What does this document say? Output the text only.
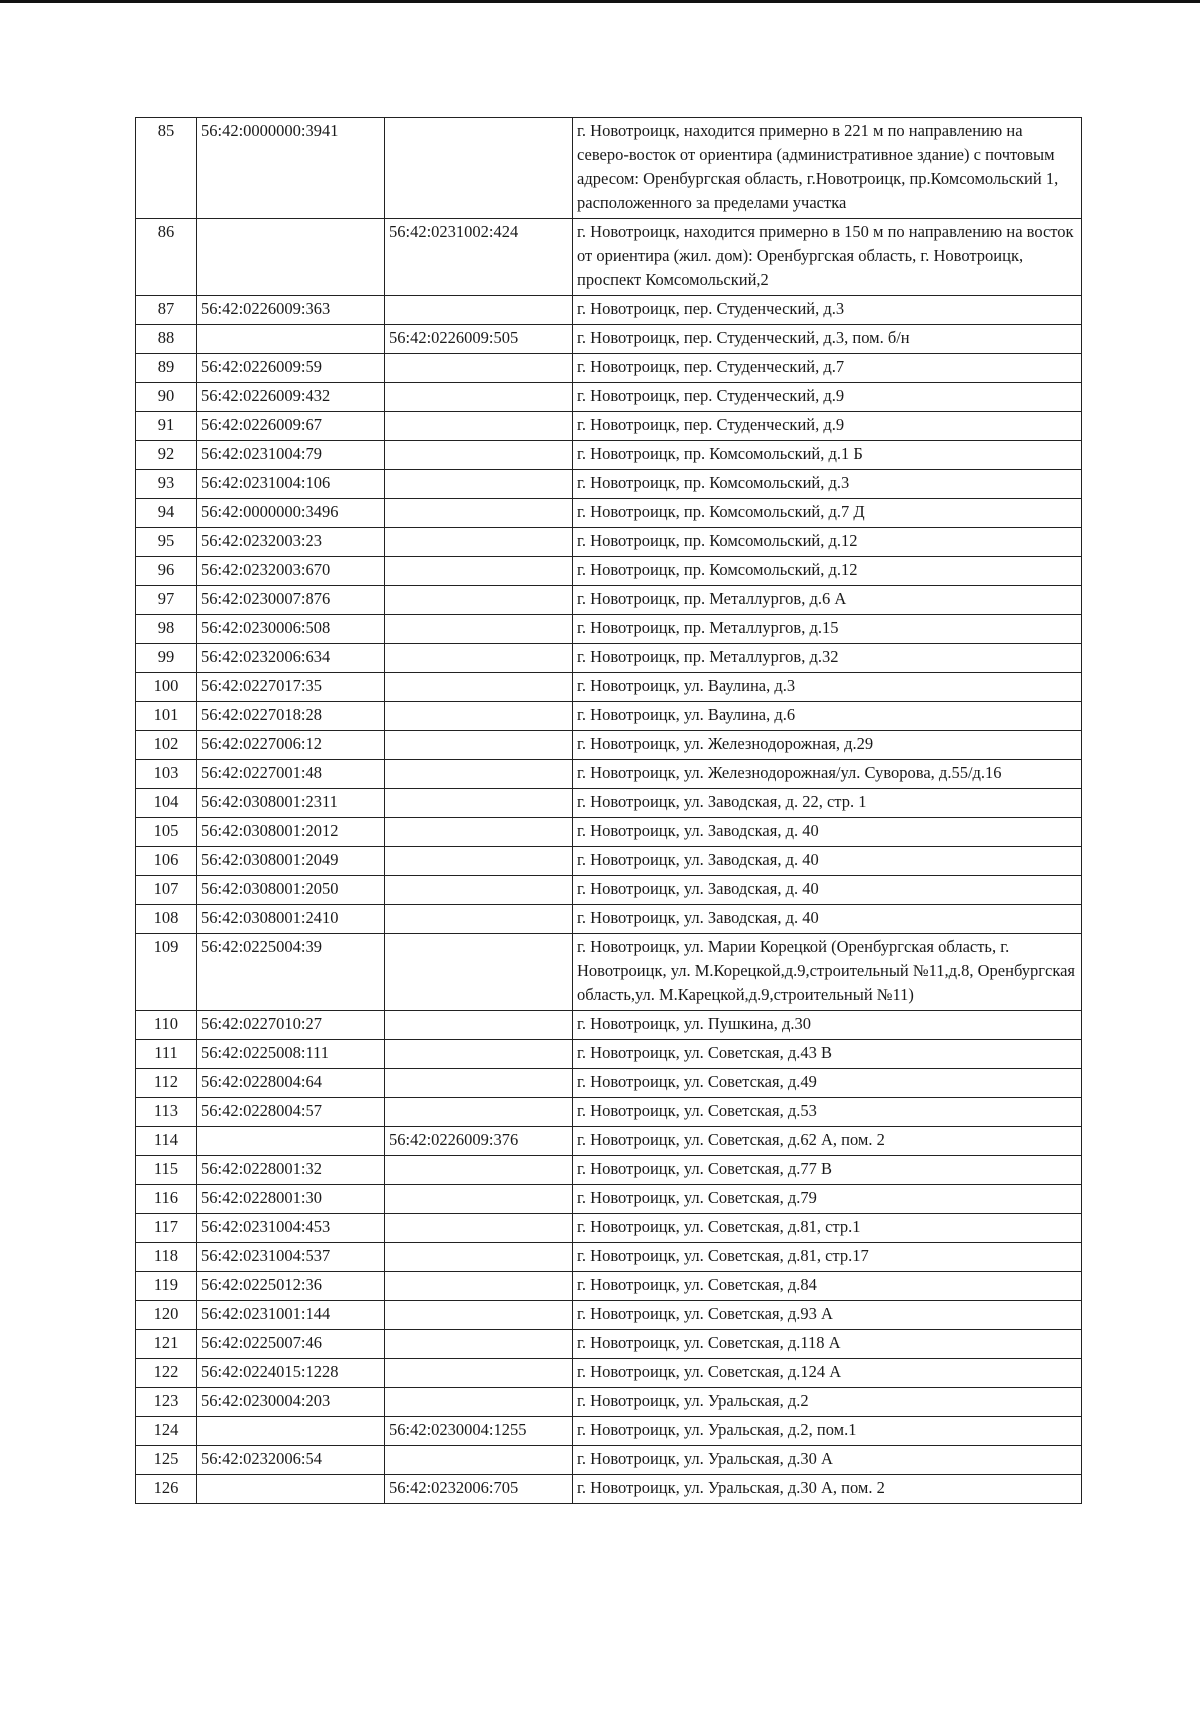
85	56:42:0000000:3941		г. Новотроицк, находится примерно в 221 м по направлению на северо-восток от ориентира (административное здание) с почтовым адресом: Оренбургская область, г.Новотроицк, пр.Комсомольский 1, расположенного за пределами участка
86		56:42:0231002:424	г. Новотроицк, находится примерно в 150 м по направлению на восток от ориентира (жил. дом): Оренбургская область, г. Новотроицк, проспект Комсомольский,2
87	56:42:0226009:363		г. Новотроицк, пер. Студенческий, д.3
88		56:42:0226009:505	г. Новотроицк, пер. Студенческий, д.3, пом. б/н
89	56:42:0226009:59		г. Новотроицк, пер. Студенческий, д.7
90	56:42:0226009:432		г. Новотроицк, пер. Студенческий, д.9
91	56:42:0226009:67		г. Новотроицк, пер. Студенческий, д.9
92	56:42:0231004:79		г. Новотроицк, пр. Комсомольский, д.1 Б
93	56:42:0231004:106		г. Новотроицк, пр. Комсомольский, д.3
94	56:42:0000000:3496		г. Новотроицк, пр. Комсомольский, д.7 Д
95	56:42:0232003:23		г. Новотроицк, пр. Комсомольский, д.12
96	56:42:0232003:670		г. Новотроицк, пр. Комсомольский, д.12
97	56:42:0230007:876		г. Новотроицк, пр. Металлургов, д.6 А
98	56:42:0230006:508		г. Новотроицк, пр. Металлургов, д.15
99	56:42:0232006:634		г. Новотроицк, пр. Металлургов, д.32
100	56:42:0227017:35		г. Новотроицк, ул. Ваулина, д.3
101	56:42:0227018:28		г. Новотроицк, ул. Ваулина, д.6
102	56:42:0227006:12		г. Новотроицк, ул. Железнодорожная, д.29
103	56:42:0227001:48		г. Новотроицк, ул. Железнодорожная/ул. Суворова, д.55/д.16
104	56:42:0308001:2311		г. Новотроицк, ул. Заводская, д. 22, стр. 1
105	56:42:0308001:2012		г. Новотроицк, ул. Заводская, д. 40
106	56:42:0308001:2049		г. Новотроицк, ул. Заводская, д. 40
107	56:42:0308001:2050		г. Новотроицк, ул. Заводская, д. 40
108	56:42:0308001:2410		г. Новотроицк, ул. Заводская, д. 40
109	56:42:0225004:39		г. Новотроицк, ул. Марии Корецкой (Оренбургская область, г. Новотроицк, ул. М.Корецкой,д.9,строительный №11,д.8, Оренбургская область,ул. М.Карецкой,д.9,строительный №11)
110	56:42:0227010:27		г. Новотроицк, ул. Пушкина, д.30
111	56:42:0225008:111		г. Новотроицк, ул. Советская, д.43 В
112	56:42:0228004:64		г. Новотроицк, ул. Советская, д.49
113	56:42:0228004:57		г. Новотроицк, ул. Советская, д.53
114		56:42:0226009:376	г. Новотроицк, ул. Советская, д.62 А, пом. 2
115	56:42:0228001:32		г. Новотроицк, ул. Советская, д.77 В
116	56:42:0228001:30		г. Новотроицк, ул. Советская, д.79
117	56:42:0231004:453		г. Новотроицк, ул. Советская, д.81, стр.1
118	56:42:0231004:537		г. Новотроицк, ул. Советская, д.81, стр.17
119	56:42:0225012:36		г. Новотроицк, ул. Советская, д.84
120	56:42:0231001:144		г. Новотроицк, ул. Советская, д.93 А
121	56:42:0225007:46		г. Новотроицк, ул. Советская, д.118 А
122	56:42:0224015:1228		г. Новотроицк, ул. Советская, д.124 А
123	56:42:0230004:203		г. Новотроицк, ул. Уральская, д.2
124		56:42:0230004:1255	г. Новотроицк, ул. Уральская, д.2, пом.1
125	56:42:0232006:54		г. Новотроицк, ул. Уральская, д.30 А
126		56:42:0232006:705	г. Новотроицк, ул. Уральская, д.30 А, пом. 2
